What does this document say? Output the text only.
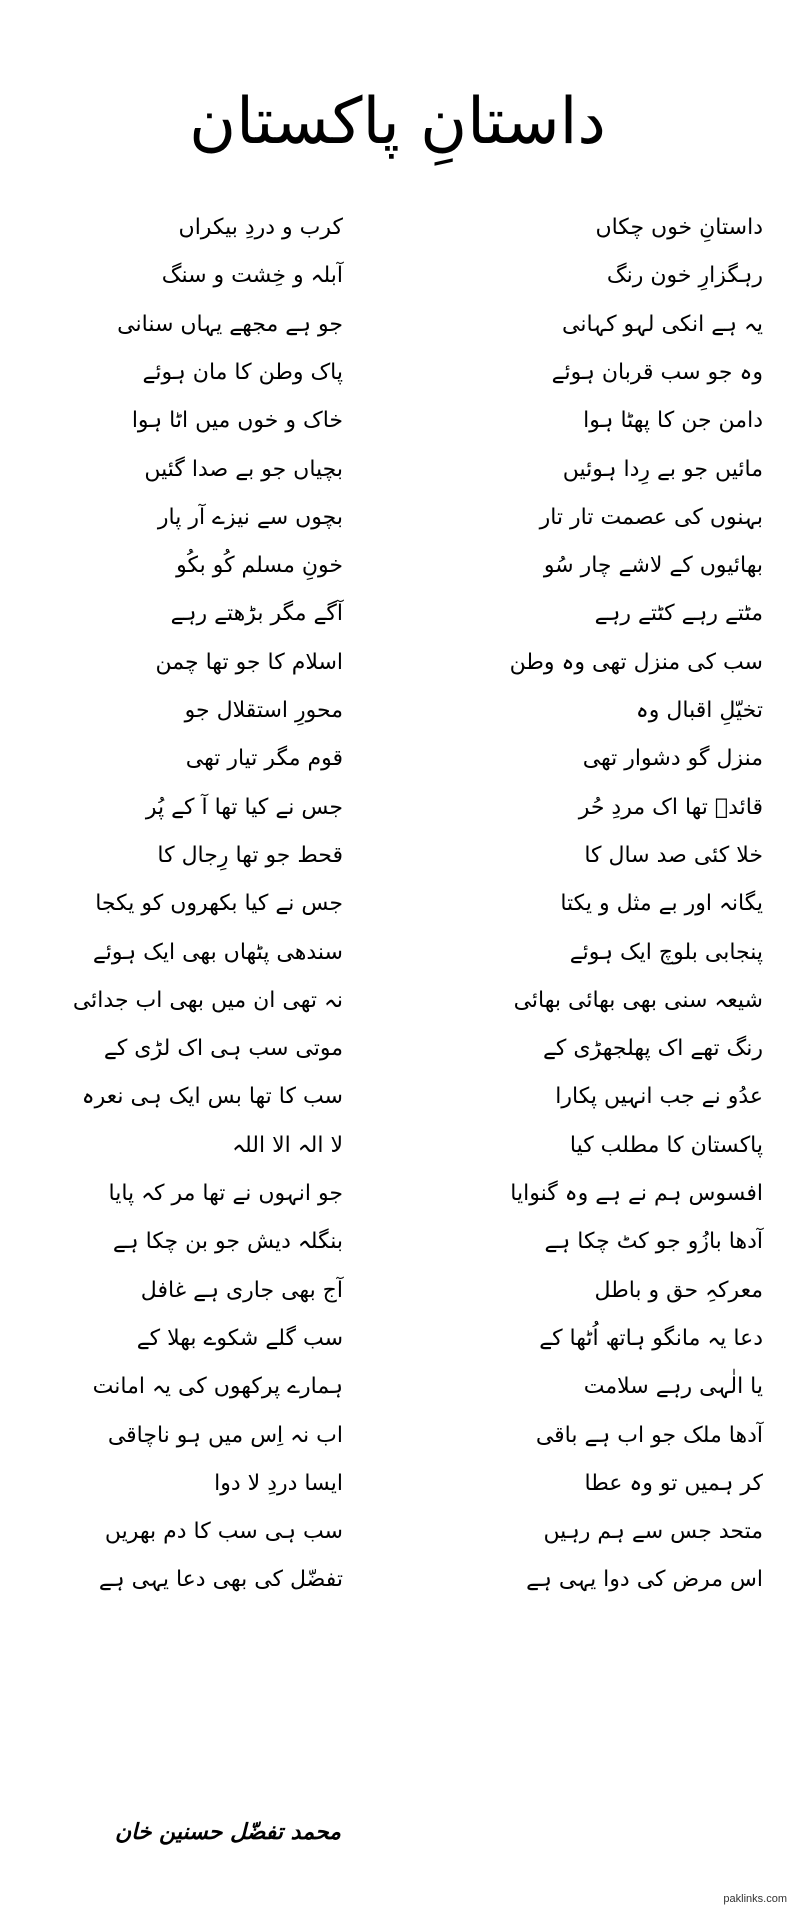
داستانِ پاکستان
داستانِ خوں چکاں
کرب و دردِ بیکراں
رہگزارِ خون رنگ
آبلہ و خِشت و سنگ
یہ ہے انکی لہو کہانی
جو ہے مجھے یہاں سنانی
وہ جو سب قربان ہوئے
پاک وطن کا مان ہوئے
دامن جن کا پھٹا ہوا
خاک و خوں میں اٹا ہوا
مائیں جو بے رِدا ہوئیں
بچیاں جو بے صدا گئیں
بہنوں کی عصمت تار تار
بچوں سے نیزے آر پار
بھائیوں کے لاشے چار سُو
خونِ مسلم کُو بکُو
مٹتے رہے کٹتے رہے
آگے مگر بڑھتے رہے
سب کی منزل تھی وہ وطن
اسلام کا جو تھا چمن
تخیّلِ اقبال وہ
محورِ استقلال جو
منزل گو دشوار تھی
قوم مگر تیار تھی
قائدؒ تھا اک مردِ حُر
جس نے کیا تھا آ کے پُر
خلا کئی صد سال کا
قحط جو تھا رِجال کا
یگانہ اور بے مثل و یکتا
جس نے کیا بکھروں کو یکجا
پنجابی بلوچ ایک ہوئے
سندھی پٹھاں بھی ایک ہوئے
شیعہ سنی بھی بھائی بھائی
نہ تھی ان میں بھی اب جدائی
رنگ تھے اک پھلجھڑی کے
موتی سب ہی اک لڑی کے
عدُو نے جب انہیں پکارا
سب کا تھا بس ایک ہی نعرہ
پاکستان کا مطلب کیا
لا الہ الا اللہ
افسوس ہم نے ہے وہ گنوایا
جو انہوں نے تھا مر کہ پایا
آدھا بازُو جو کٹ چکا ہے
بنگلہ دیش جو بن چکا ہے
معرکہِ حق و باطل
آج بھی جاری ہے غافل
دعا یہ مانگو ہاتھ اُٹھا کے
سب گلے شکوے بھلا کے
یا الٰہی رہے سلامت
ہمارے پرکھوں کی یہ امانت
آدھا ملک جو اب ہے باقی
اب نہ اِس میں ہو ناچاقی
کر ہمیں تو وہ عطا
ایسا دردِ لا دوا
متحد جس سے ہم رہیں
سب ہی سب کا دم بھریں
اس مرض کی دوا یہی ہے
تفضّل کی بھی دعا یہی ہے
محمد تفضّل حسنین خان
paklinks.com
